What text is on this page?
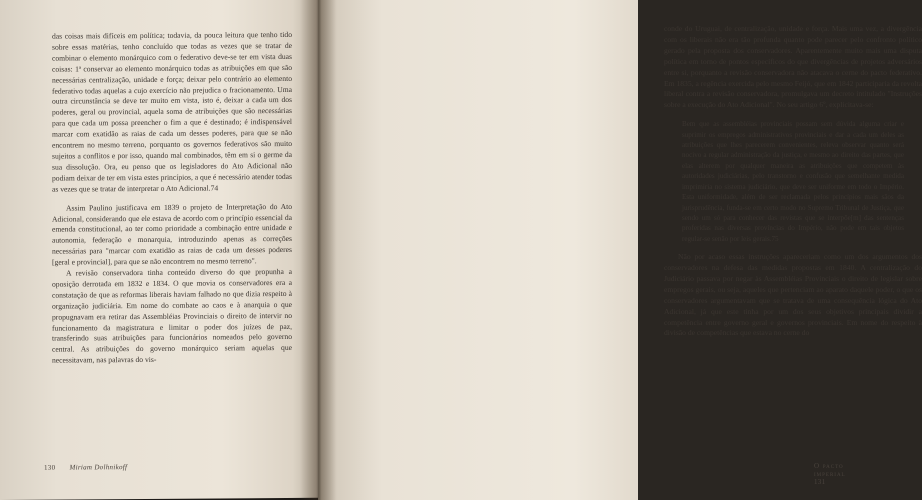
das coisas mais difíceis em política; todavia, da pouca leitura que tenho tido sobre essas matérias, tenho concluído que todas as vezes que se tratar de combinar o elemento monárquico com o federativo deve-se ter em vista duas coisas: 1ª conservar ao elemento monárquico todas as atribuições em que são necessárias centralização, unidade e força; deixar pelo contrário ao elemento federativo todas aquelas a cujo exercício não prejudica o fracionamento. Uma outra circunstância se deve ter muito em vista, isto é, deixar a cada um dos poderes, geral ou provincial, aquela soma de atribuições que são necessárias para que cada um possa preencher o fim a que é destinado; é indispensável marcar com exatidão as raias de cada um desses poderes, para que se não encontrem no mesmo terreno, porquanto os governos federativos são muito sujeitos a conflitos e por isso, quando mal combinados, têm em si o germe da sua dissolução. Ora, eu penso que os legisladores do Ato Adicional não podiam deixar de ter em vista estes princípios, a que é necessário atender todas as vezes que se tratar de interpretar o Ato Adicional.74

Assim Paulino justificava em 1839 o projeto de Interpretação do Ato Adicional, considerando que ele estava de acordo com o princípio essencial da emenda constitucional, ao ter como prioridade a combinação entre unidade e autonomia, federação e monarquia, introduzindo apenas as correções necessárias para "marcar com exatidão as raias de cada um desses poderes [geral e provincial], para que se não encontrem no mesmo terreno".

A revisão conservadora tinha conteúdo diverso do que propunha a oposição derrotada em 1832 e 1834. O que movia os conservadores era a constatação de que as reformas liberais haviam falhado no que dizia respeito à organização judiciária. Em nome do combate ao caos e à anarquia o que propugnavam era retirar das Assembléias Provinciais o direito de intervir no funcionamento da magistratura e limitar o poder dos juízes de paz, transferindo suas atribuições para funcionários nomeados pelo governo central. As atribuições do governo monárquico seriam aquelas que necessitavam, nas palavras do vis-

130 Miriam Dolhnikoff

conde do Uruguai, de centralização, unidade e força. Mais uma vez, a divergência com os liberais não era tão profunda quanto pode parecer pelo confronto político gerado pela proposta dos conservadores. Aparentemente muito mais uma disputa política em torno de pontos específicos do que divergências de projetos adversários entre si, porquanto a revisão conservadora não atacava o cerne do pacto federativo. Em 1835, a regência exercida pelo mesmo Feijó, que em 1842 participaria da revolta liberal contra a revisão conservadora, promulgava um decreto intitulado "Instruções sobre a execução do Ato Adicional". No seu artigo 6º, explicitava-se:

Bem que as assembléias provinciais possam sem dúvida alguma criar e suprimir os empregos administrativos provinciais e dar a cada um deles as atribuições que lhes parecerem convenientes, releva observar quanto será nocivo a regular administração da justiça, e mesmo ao direito das partes, que elas alterem por qualquer maneira as atribuições que competem às autoridades judiciárias, pelo transtorno e confusão que semelhante medida imprimiria no sistema judiciário, que deve ser uniforme em todo o Império. Esta uniformidade, além de ser reclamada pelos princípios mais sãos da jurisprudência, funda-se em certo modo no Supremo Tribunal de Justiça, que sendo um só para conhecer das revistas que se interpõe[m] das sentenças proferidas nas diversas províncias do Império, não pode em tais objetos regular-se senão por leis gerais.75

Não por acaso essas instruções apareceriam como um dos argumentos dos conservadores na defesa das medidas propostas em 1840. A centralização do Judiciário passava por negar às Assembléias Provinciais o direito de legislar sobre empregos gerais, ou seja, aqueles que pertenciam ao aparato daquele poder, o que os conservadores argumentavam que se tratava de uma consequência lógica do Ato Adicional, já que este tinha por um dos seus objetivos principais dividir a competência entre governo geral e governos provinciais. Em nome do respeito à divisão de competências que estava no cerne do

O pacto imperial 131
